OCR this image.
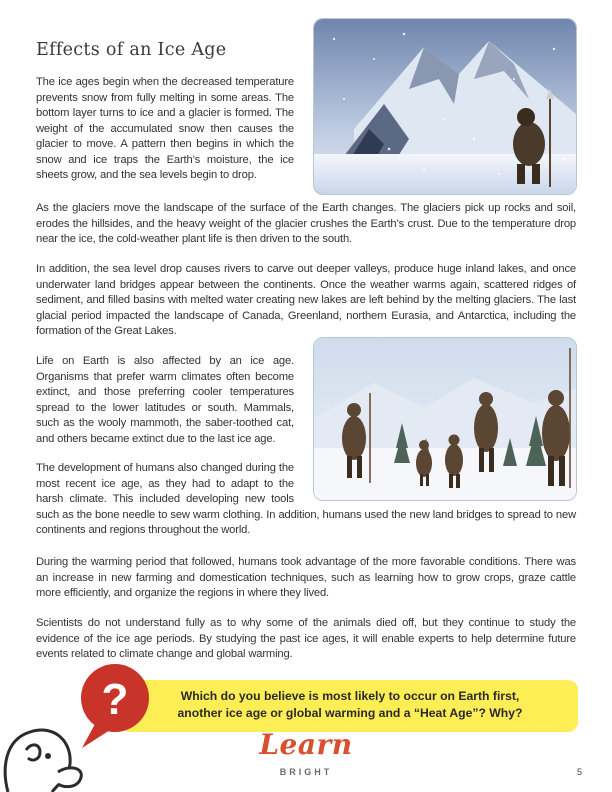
Effects of an Ice Age

The ice ages begin when the decreased temperature prevents snow from fully melting in some areas. The bottom layer turns to ice and a glacier is formed. The weight of the accumulated snow then causes the glacier to move. A pattern then begins in which the snow and ice traps the Earth’s moisture, the ice sheets grow, and the sea levels begin to drop.

As the glaciers move the landscape of the surface of the Earth changes. The glaciers pick up rocks and soil, erodes the hillsides, and the heavy weight of the glacier crushes the Earth’s crust. Due to the temperature drop near the ice, the cold-weather plant life is then driven to the south.

In addition, the sea level drop causes rivers to carve out deeper valleys, produce huge inland lakes, and once underwater land bridges appear between the continents. Once the weather warms again, scattered ridges of sediment, and filled basins with melted water creating new lakes are left behind by the melting glaciers. The last glacial period impacted the landscape of Canada, Greenland, northern Eurasia, and Antarctica, including the formation of the Great Lakes.

Life on Earth is also affected by an ice age. Organisms that prefer warm climates often become extinct, and those preferring cooler temperatures spread to the lower latitudes or south. Mammals, such as the wooly mammoth, the saber-toothed cat, and others became extinct due to the last ice age.

The development of humans also changed during the most recent ice age, as they had to adapt to the harsh climate. This included developing new tools such as the bone needle to sew warm clothing. In addition, humans used the new land bridges to spread to new continents and regions throughout the world.

During the warming period that followed, humans took advantage of the more favorable conditions. There was an increase in new farming and domestication techniques, such as learning how to grow crops, graze cattle more efficiently, and organize the regions in where they lived.

Scientists do not understand fully as to why some of the animals died off, but they continue to study the evidence of the ice age periods. By studying the past ice ages, it will enable experts to help determine future events related to climate change and global warming.

Which do you believe is most likely to occur on Earth first,
another ice age or global warming and a “Heat Age”? Why?
?
Learn
BRIGHT	5
